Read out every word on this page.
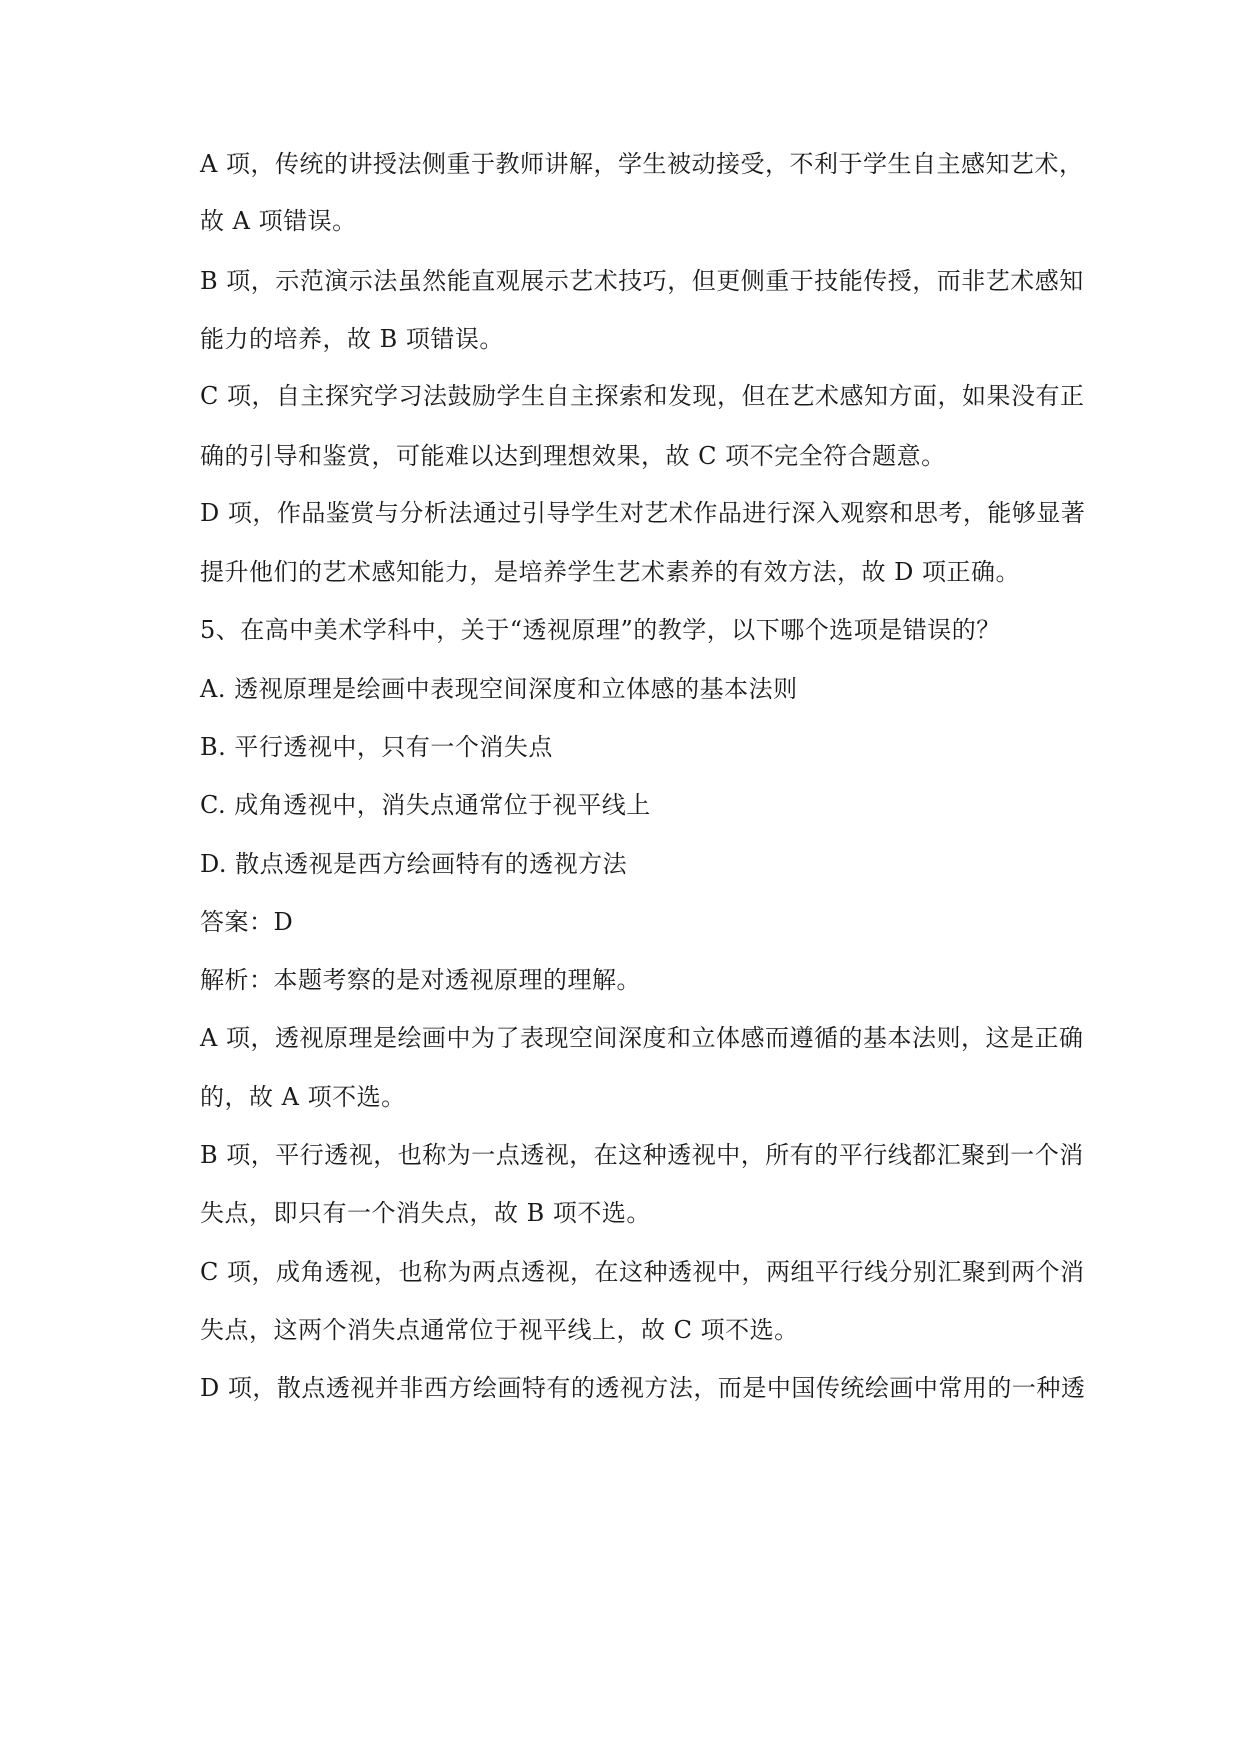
A 项，传统的讲授法侧重于教师讲解，学生被动接受，不利于学生自主感知艺术，
故 A 项错误。
B 项，示范演示法虽然能直观展示艺术技巧，但更侧重于技能传授，而非艺术感知
能力的培养，故 B 项错误。
C 项，自主探究学习法鼓励学生自主探索和发现，但在艺术感知方面，如果没有正
确的引导和鉴赏，可能难以达到理想效果，故 C 项不完全符合题意。
D 项，作品鉴赏与分析法通过引导学生对艺术作品进行深入观察和思考，能够显著
提升他们的艺术感知能力，是培养学生艺术素养的有效方法，故 D 项正确。
5、在高中美术学科中，关于“透视原理”的教学，以下哪个选项是错误的？
A. 透视原理是绘画中表现空间深度和立体感的基本法则
B. 平行透视中，只有一个消失点
C. 成角透视中，消失点通常位于视平线上
D. 散点透视是西方绘画特有的透视方法
答案：D
解析：本题考察的是对透视原理的理解。
A 项，透视原理是绘画中为了表现空间深度和立体感而遵循的基本法则，这是正确
的，故 A 项不选。
B 项，平行透视，也称为一点透视，在这种透视中，所有的平行线都汇聚到一个消
失点，即只有一个消失点，故 B 项不选。
C 项，成角透视，也称为两点透视，在这种透视中，两组平行线分别汇聚到两个消
失点，这两个消失点通常位于视平线上，故 C 项不选。
D 项，散点透视并非西方绘画特有的透视方法，而是中国传统绘画中常用的一种透
